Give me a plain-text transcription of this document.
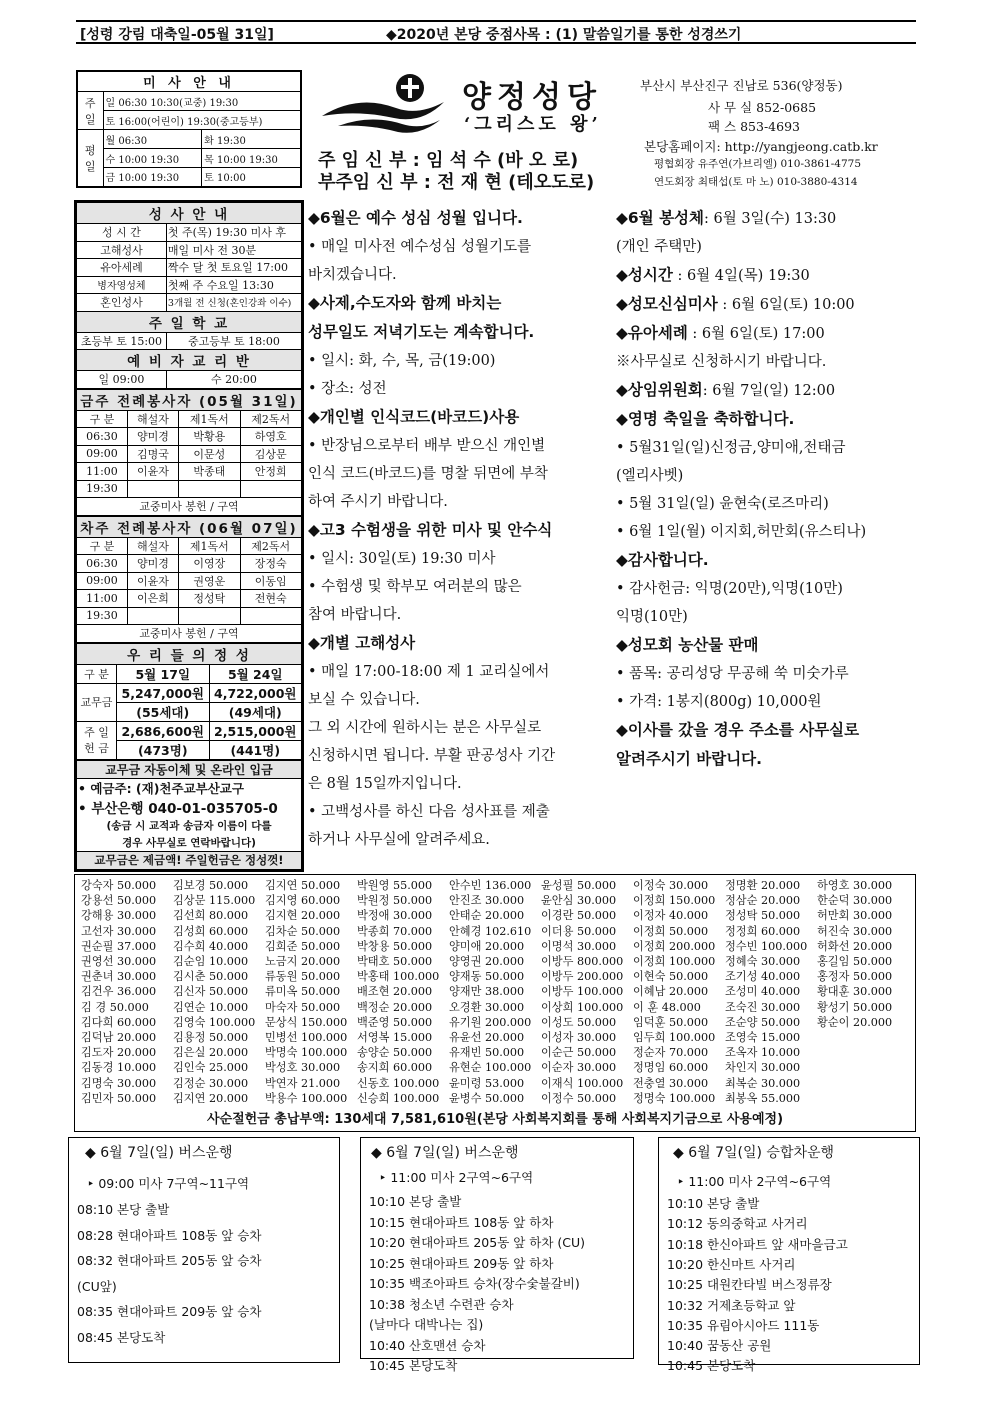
[성령 강림 대축일-05월 31일]	◆2020년 본당 중점사목 : (1) 말씀일기를 통한 성경쓰기
미 사 안 내		
주일	일 06:30 10:30(교중) 19:30	
	토 16:00(어린이) 19:30(중고등부)	
평일	월 06:30	화 19:30
	수 10:00 19:30	목 10:00 19:30
	금 10:00 19:30	토 10:00
양정성당
‘그리스도 왕’
주 임 신 부 : 임 석 수 (바 오 로)
부주임 신 부 : 전 재 현 (테오도로)
부산시 부산진구 진남로 536(양정동)
사 무 실 852-0685
팩 스 853-4693
본당홈페이지: http://yangjeong.catb.kr
평협회장 유주연(가브리엘) 010-3861-4775
연도회장 최태섭(토 마 노) 010-3880-4314
성 사 안 내	
성 시 간	첫 주(목) 19:30 미사 후
고해성사	매일 미사 전 30분
유아세례	짝수 달 첫 토요일 17:00
병자영성체	첫째 주 수요일 13:30
혼인성사	3개월 전 신청(혼인강좌 이수)
주 일 학 교	
초등부 토 15:00	중고등부 토 18:00
예 비 자 교 리 반	
일 09:00	수 20:00
금주 전례봉사자 (05월 31일)			
구 분	해설자	제1독서	제2독서
06:30	양미경	박황용	하영호
09:00	김명국	이문성	김상문
11:00	이윤자	박종태	안정희
19:30			
교중미사 봉헌 / 구역			
차주 전례봉사자 (06월 07일)			
구 분	해설자	제1독서	제2독서
06:30	양미경	이영장	장정숙
09:00	이윤자	권영운	이동임
11:00	이은희	정성탁	전현숙
19:30			
교중미사 봉헌 / 구역			
우 리 들 의 정 성		
구 분	5월 17일	5월 24일
교무금	5,247,000원	4,722,000원
	(55세대)	(49세대)
주 일 헌 금	2,686,600원	2,515,000원
	(473명)	(441명)
교무금 자동이체 및 온라인 입금
• 예금주: (재)천주교부산교구
• 부산은행 040-01-035705-0
(송금 시 교적과 송금자 이름이 다를
경우 사무실로 연락바랍니다)
교무금은 제금액! 주일헌금은 정성껏!
◆6월은 예수 성심 성월 입니다.
• 매일 미사전 예수성심 성월기도를
바치겠습니다.
◆사제,수도자와 함께 바치는
성무일도 저녁기도는 계속합니다.
• 일시: 화, 수, 목, 금(19:00)
• 장소: 성전
◆개인별 인식코드(바코드)사용
• 반장님으로부터 배부 받으신 개인별
인식 코드(바코드)를 명찰 뒤면에 부착
하여 주시기 바랍니다.
◆고3 수험생을 위한 미사 및 안수식
• 일시: 30일(토) 19:30 미사
• 수험생 및 학부모 여러분의 많은
참여 바랍니다.
◆개별 고해성사
• 매일 17:00-18:00 제 1 교리실에서
보실 수 있습니다.
그 외 시간에 원하시는 분은 사무실로
신청하시면 됩니다. 부활 판공성사 기간
은 8월 15일까지입니다.
• 고백성사를 하신 다음 성사표를 제출
하거나 사무실에 알려주세요.
◆6월 봉성체: 6월 3일(수) 13:30
(개인 주택만)
◆성시간 : 6월 4일(목) 19:30
◆성모신심미사 : 6월 6일(토) 10:00
◆유아세례 : 6월 6일(토) 17:00
※사무실로 신청하시기 바랍니다.
◆상임위원회: 6월 7일(일) 12:00
◆영명 축일을 축하합니다.
• 5월31일(일)신정금,양미애,전태금
(엘리사벳)
• 5월 31일(일) 윤현숙(로즈마리)
• 6월 1일(월) 이지회,허만회(유스티나)
◆감사합니다.
• 감사헌금: 익명(20만),익명(10만)
익명(10만)
◆성모회 농산물 판매
• 품목: 공리성당 무공해 쑥 미숫가루
• 가격: 1봉지(800g) 10,000원
◆이사를 갔을 경우 주소를 사무실로
알려주시기 바랍니다.
사순절헌금 총납부액: 130세대 7,581,610원(본당 사회복지회를 통해 사회복지기금으로 사용예정)
강숙자 50.000 김보경 50.000 김지연 50.000 박원영 55.000 안수빈 136.000 윤성필 50.000 이정숙 30.000 정명환 20.000 하영호 30.000
강용선 50.000 김상문 115.000 김지영 60.000 박원정 50.000 안진조 30.000 윤안심 30.000 이정희 150.000 정삼순 20.000 한순덕 30.000
강해용 30.000 김선희 80.000 김지현 20.000 박정애 30.000 안태순 20.000 이경란 50.000 이정자 40.000 정성탁 50.000 허만회 30.000
고선자 30.000 김성희 60.000 김차순 50.000 박종희 70.000 안혜경 102.610 이더용 50.000 이정희 50.000 정정희 60.000 허진숙 30.000
권순필 37.000 김수희 40.000 김희준 50.000 박창용 50.000 양미애 20.000 이명석 30.000 이정희 200.000 정수빈 100.000 허화선 20.000
권영선 30.000 김순임 10.000 노금지 20.000 박태호 50.000 양영권 20.000 이방두 800.000 이정희 100.000 정혜숙 30.000 홍길임 50.000
권춘녀 30.000 김시춘 50.000 류동원 50.000 박홍태 100.000 양재동 50.000 이방두 200.000 이현숙 50.000 조기성 40.000 홍정자 50.000
김건우 36.000 김신자 50.000 류미옥 50.000 배조현 20.000 양재만 38.000 이방두 100.000 이혜남 20.000 조성미 40.000 황대훈 30.000
김 경 50.000 김연순 10.000 마숙자 50.000 백정순 20.000 오경환 30.000 이상희 100.000 이 훈 48.000 조숙진 30.000 황성기 50.000
김다희 60.000 김영숙 100.000 문상식 150.000 백준영 50.000 유기원 200.000 이성도 50.000 임덕훈 50.000 조순양 50.000 황순이 20.000
김덕남 20.000 김용정 50.000 민병선 100.000 서영복 15.000 유윤선 20.000 이성자 30.000 임두희 100.000 조영숙 15.000
김도자 20.000 김은실 20.000 박명숙 100.000 송양순 50.000 유재빈 50.000 이순근 50.000 정순자 70.000 조옥자 10.000
김동경 10.000 김인숙 25.000 박성호 30.000 송지희 60.000 유현순 100.000 이순자 30.000 정명임 60.000 차인지 30.000
김명숙 30.000 김정순 30.000 박연자 21.000 신동호 100.000 윤미령 53.000 이재식 100.000 전충열 30.000 최복순 30.000
김민자 50.000 김지연 20.000 박용수 100.000 신승희 100.000 윤병수 50.000 이정수 50.000 정명숙 100.000 최봉옥 55.000
◆ 6월 7일(일) 버스운행
‣ 09:00 미사 7구역~11구역
08:10 본당 출발
08:28 현대아파트 108동 앞 승차
08:32 현대아파트 205동 앞 승차
(CU앞)
08:35 현대아파트 209동 앞 승차
08:45 본당도착
◆ 6월 7일(일) 버스운행
‣ 11:00 미사 2구역~6구역
10:10 본당 출발
10:15 현대아파트 108동 앞 하차
10:20 현대아파트 205동 앞 하차 (CU)
10:25 현대아파트 209동 앞 하차
10:35 백조아파트 승차(장수숯불갈비)
10:38 청소년 수련관 승차
(날마다 대박나는 집)
10:40 산호맨션 승차
10:45 본당도착
◆ 6월 7일(일) 승합차운행
‣ 11:00 미사 2구역~6구역
10:10 본당 출발
10:12 동의중학교 사거리
10:18 한신아파트 앞 새마을금고
10:20 한신마트 사거리
10:25 대원칸타빌 버스정류장
10:32 거제초등학교 앞
10:35 유림아시아드 111동
10:40 꿈동산 공원
10:45 본당도착
